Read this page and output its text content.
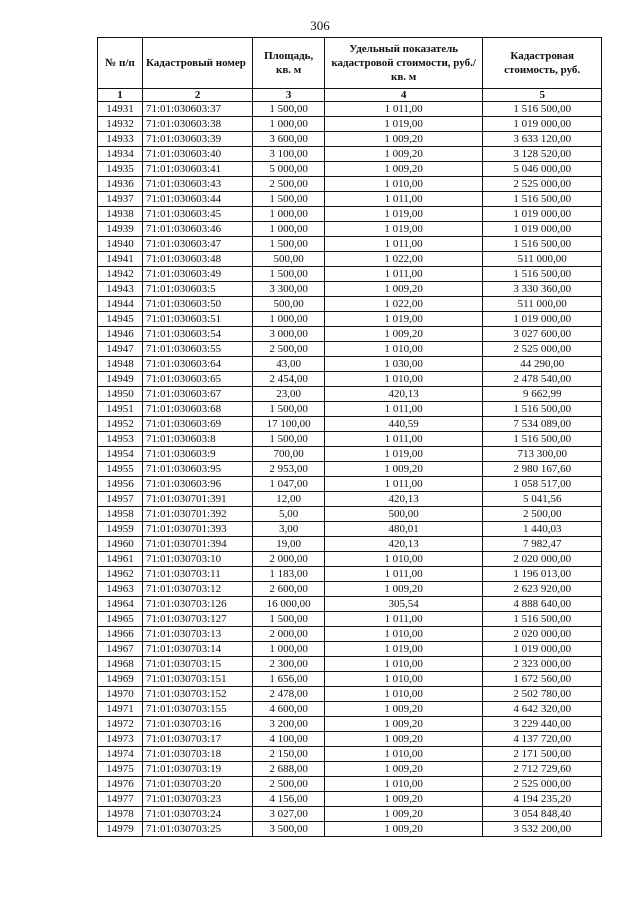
306
№ п/п	Кадастровый номер	Площадь, кв. м	Удельный показатель кадастровой стоимости, руб./кв. м	Кадастровая стоимость, руб.
1	2	3	4	5
14931	71:01:030603:37	1 500,00	1 011,00	1 516 500,00
14932	71:01:030603:38	1 000,00	1 019,00	1 019 000,00
14933	71:01:030603:39	3 600,00	1 009,20	3 633 120,00
14934	71:01:030603:40	3 100,00	1 009,20	3 128 520,00
14935	71:01:030603:41	5 000,00	1 009,20	5 046 000,00
14936	71:01:030603:43	2 500,00	1 010,00	2 525 000,00
14937	71:01:030603:44	1 500,00	1 011,00	1 516 500,00
14938	71:01:030603:45	1 000,00	1 019,00	1 019 000,00
14939	71:01:030603:46	1 000,00	1 019,00	1 019 000,00
14940	71:01:030603:47	1 500,00	1 011,00	1 516 500,00
14941	71:01:030603:48	500,00	1 022,00	511 000,00
14942	71:01:030603:49	1 500,00	1 011,00	1 516 500,00
14943	71:01:030603:5	3 300,00	1 009,20	3 330 360,00
14944	71:01:030603:50	500,00	1 022,00	511 000,00
14945	71:01:030603:51	1 000,00	1 019,00	1 019 000,00
14946	71:01:030603:54	3 000,00	1 009,20	3 027 600,00
14947	71:01:030603:55	2 500,00	1 010,00	2 525 000,00
14948	71:01:030603:64	43,00	1 030,00	44 290,00
14949	71:01:030603:65	2 454,00	1 010,00	2 478 540,00
14950	71:01:030603:67	23,00	420,13	9 662,99
14951	71:01:030603:68	1 500,00	1 011,00	1 516 500,00
14952	71:01:030603:69	17 100,00	440,59	7 534 089,00
14953	71:01:030603:8	1 500,00	1 011,00	1 516 500,00
14954	71:01:030603:9	700,00	1 019,00	713 300,00
14955	71:01:030603:95	2 953,00	1 009,20	2 980 167,60
14956	71:01:030603:96	1 047,00	1 011,00	1 058 517,00
14957	71:01:030701:391	12,00	420,13	5 041,56
14958	71:01:030701:392	5,00	500,00	2 500,00
14959	71:01:030701:393	3,00	480,01	1 440,03
14960	71:01:030701:394	19,00	420,13	7 982,47
14961	71:01:030703:10	2 000,00	1 010,00	2 020 000,00
14962	71:01:030703:11	1 183,00	1 011,00	1 196 013,00
14963	71:01:030703:12	2 600,00	1 009,20	2 623 920,00
14964	71:01:030703:126	16 000,00	305,54	4 888 640,00
14965	71:01:030703:127	1 500,00	1 011,00	1 516 500,00
14966	71:01:030703:13	2 000,00	1 010,00	2 020 000,00
14967	71:01:030703:14	1 000,00	1 019,00	1 019 000,00
14968	71:01:030703:15	2 300,00	1 010,00	2 323 000,00
14969	71:01:030703:151	1 656,00	1 010,00	1 672 560,00
14970	71:01:030703:152	2 478,00	1 010,00	2 502 780,00
14971	71:01:030703:155	4 600,00	1 009,20	4 642 320,00
14972	71:01:030703:16	3 200,00	1 009,20	3 229 440,00
14973	71:01:030703:17	4 100,00	1 009,20	4 137 720,00
14974	71:01:030703:18	2 150,00	1 010,00	2 171 500,00
14975	71:01:030703:19	2 688,00	1 009,20	2 712 729,60
14976	71:01:030703:20	2 500,00	1 010,00	2 525 000,00
14977	71:01:030703:23	4 156,00	1 009,20	4 194 235,20
14978	71:01:030703:24	3 027,00	1 009,20	3 054 848,40
14979	71:01:030703:25	3 500,00	1 009,20	3 532 200,00
